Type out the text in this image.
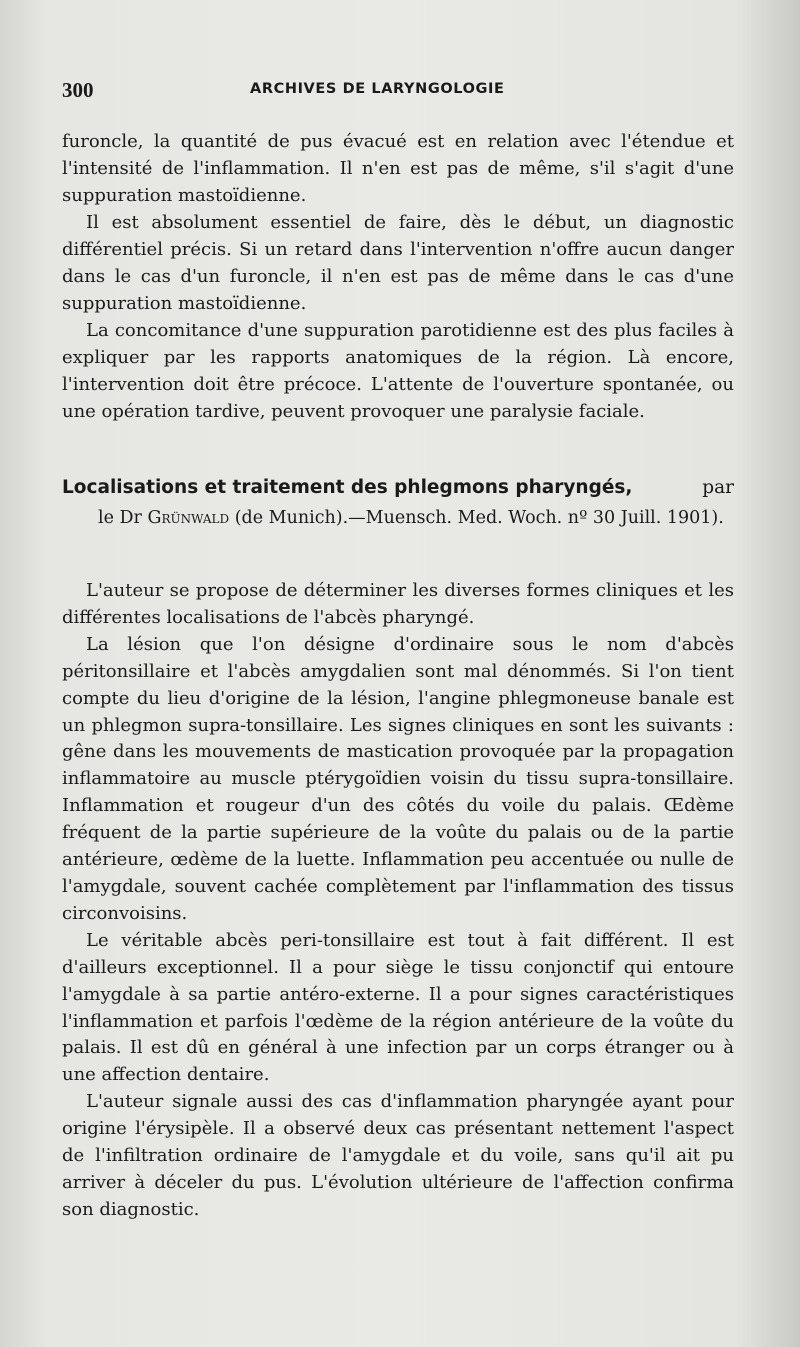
300	ARCHIVES DE LARYNGOLOGIE

furoncle, la quantité de pus évacué est en relation avec l'étendue et l'intensité de l'inflammation. Il n'en est pas de même, s'il s'agit d'une suppuration mastoïdienne.

Il est absolument essentiel de faire, dès le début, un diagnostic différentiel précis. Si un retard dans l'intervention n'offre aucun danger dans le cas d'un furoncle, il n'en est pas de même dans le cas d'une suppuration mastoïdienne.

La concomitance d'une suppuration parotidienne est des plus faciles à expliquer par les rapports anatomiques de la région. Là encore, l'intervention doit être précoce. L'attente de l'ouverture spontanée, ou une opération tardive, peuvent provoquer une paralysie faciale.

Localisations et traitement des phlegmons pharyngés,	par

le Dr Grünwald (de Munich).—Muensch. Med. Woch. nº 30 Juill. 1901).

L'auteur se propose de déterminer les diverses formes cliniques et les différentes localisations de l'abcès pharyngé.

La lésion que l'on désigne d'ordinaire sous le nom d'abcès péritonsillaire et l'abcès amygdalien sont mal dénommés. Si l'on tient compte du lieu d'origine de la lésion, l'angine phlegmoneuse banale est un phlegmon supra-tonsillaire. Les signes cliniques en sont les suivants : gêne dans les mouvements de mastication provoquée par la propagation inflammatoire au muscle ptérygoïdien voisin du tissu supra-tonsillaire. Inflammation et rougeur d'un des côtés du voile du palais. Œdème fréquent de la partie supérieure de la voûte du palais ou de la partie antérieure, œdème de la luette. Inflammation peu accentuée ou nulle de l'amygdale, souvent cachée complètement par l'inflammation des tissus circonvoisins.

Le véritable abcès peri-tonsillaire est tout à fait différent. Il est d'ailleurs exceptionnel. Il a pour siège le tissu conjonctif qui entoure l'amygdale à sa partie antéro-externe. Il a pour signes caractéristiques l'inflammation et parfois l'œdème de la région antérieure de la voûte du palais. Il est dû en général à une infection par un corps étranger ou à une affection dentaire.

L'auteur signale aussi des cas d'inflammation pharyngée ayant pour origine l'érysipèle. Il a observé deux cas présentant nettement l'aspect de l'infiltration ordinaire de l'amygdale et du voile, sans qu'il ait pu arriver à déceler du pus. L'évolution ultérieure de l'affection confirma son diagnostic.
